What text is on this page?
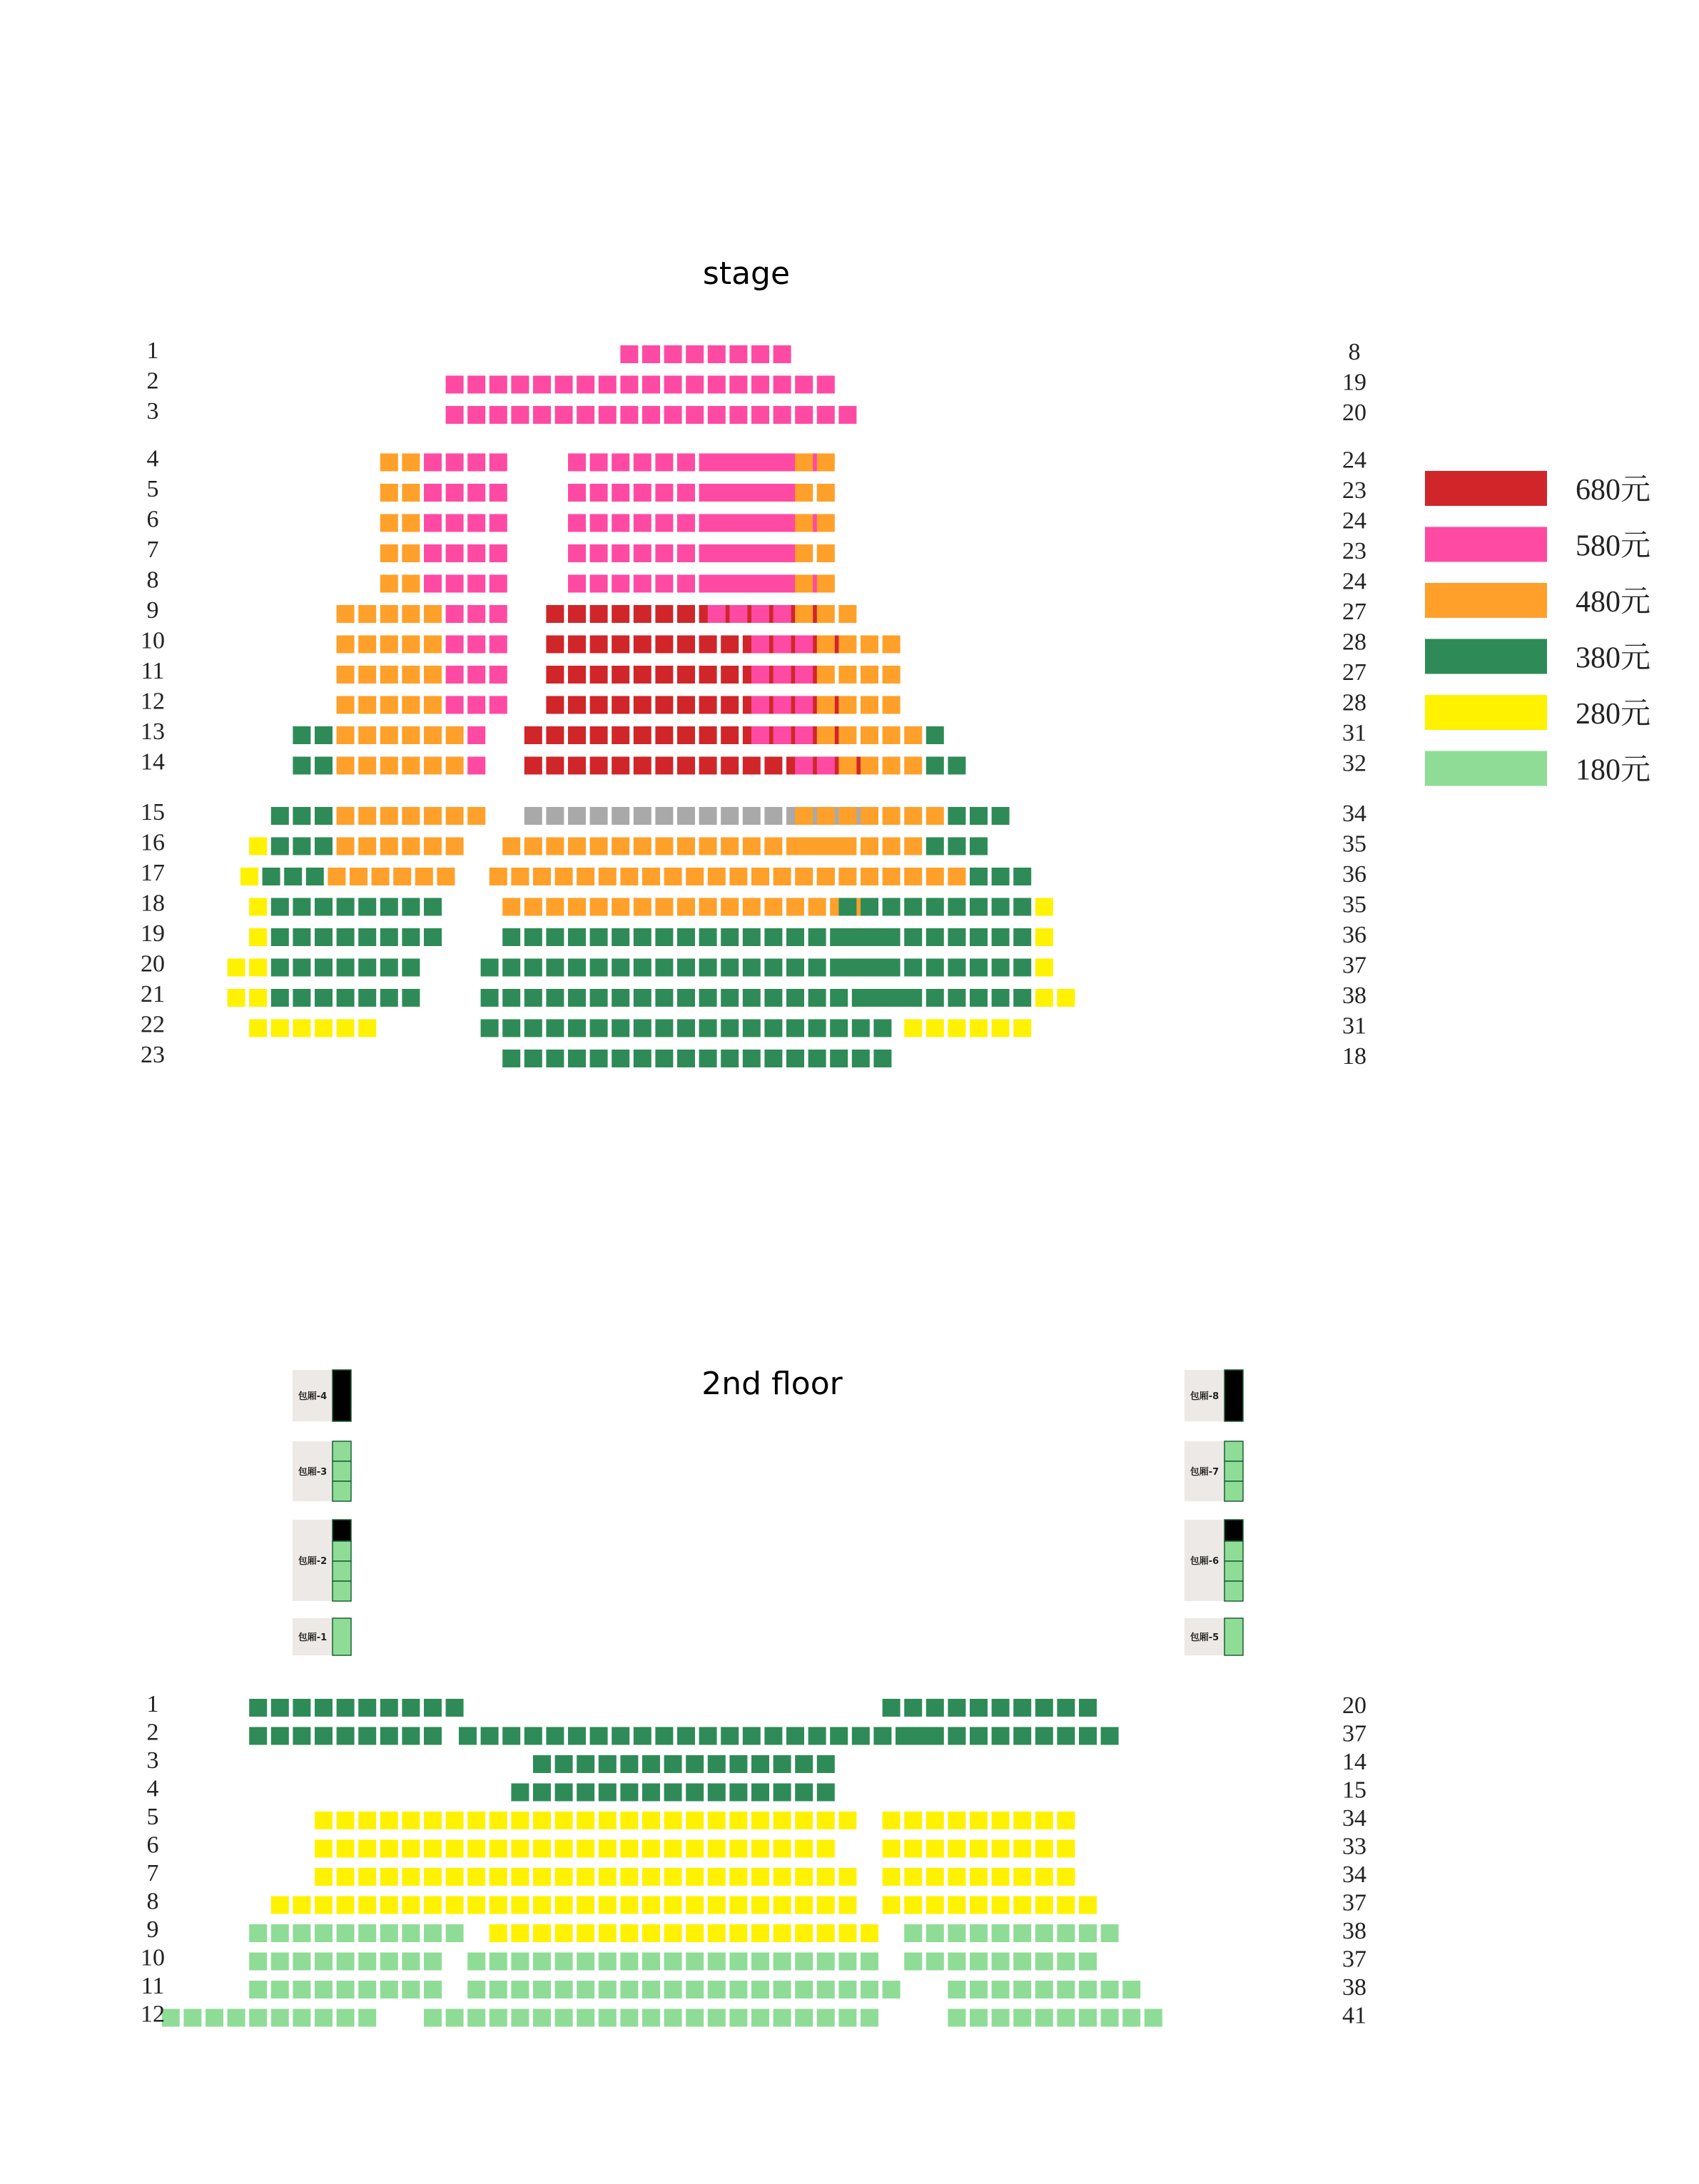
stage
2nd floor
1	8
2	19
3	20
4	24
5	23
6	24
7	23
8	24
9	27
10	28
11	27
12	28
13	31
14	32
15	34
16	35
17	36
18	35
19	36
20	37
21	38
22	31
23	18
1	20
2	37
3	14
4	15
5	34
6	33
7	34
8	37
9	38
10	37
11	38
12	41
680元
580元
480元
380元
280元
180元
包厢-4
包厢-3
包厢-2
包厢-1
包厢-8
包厢-7
包厢-6
包厢-5
